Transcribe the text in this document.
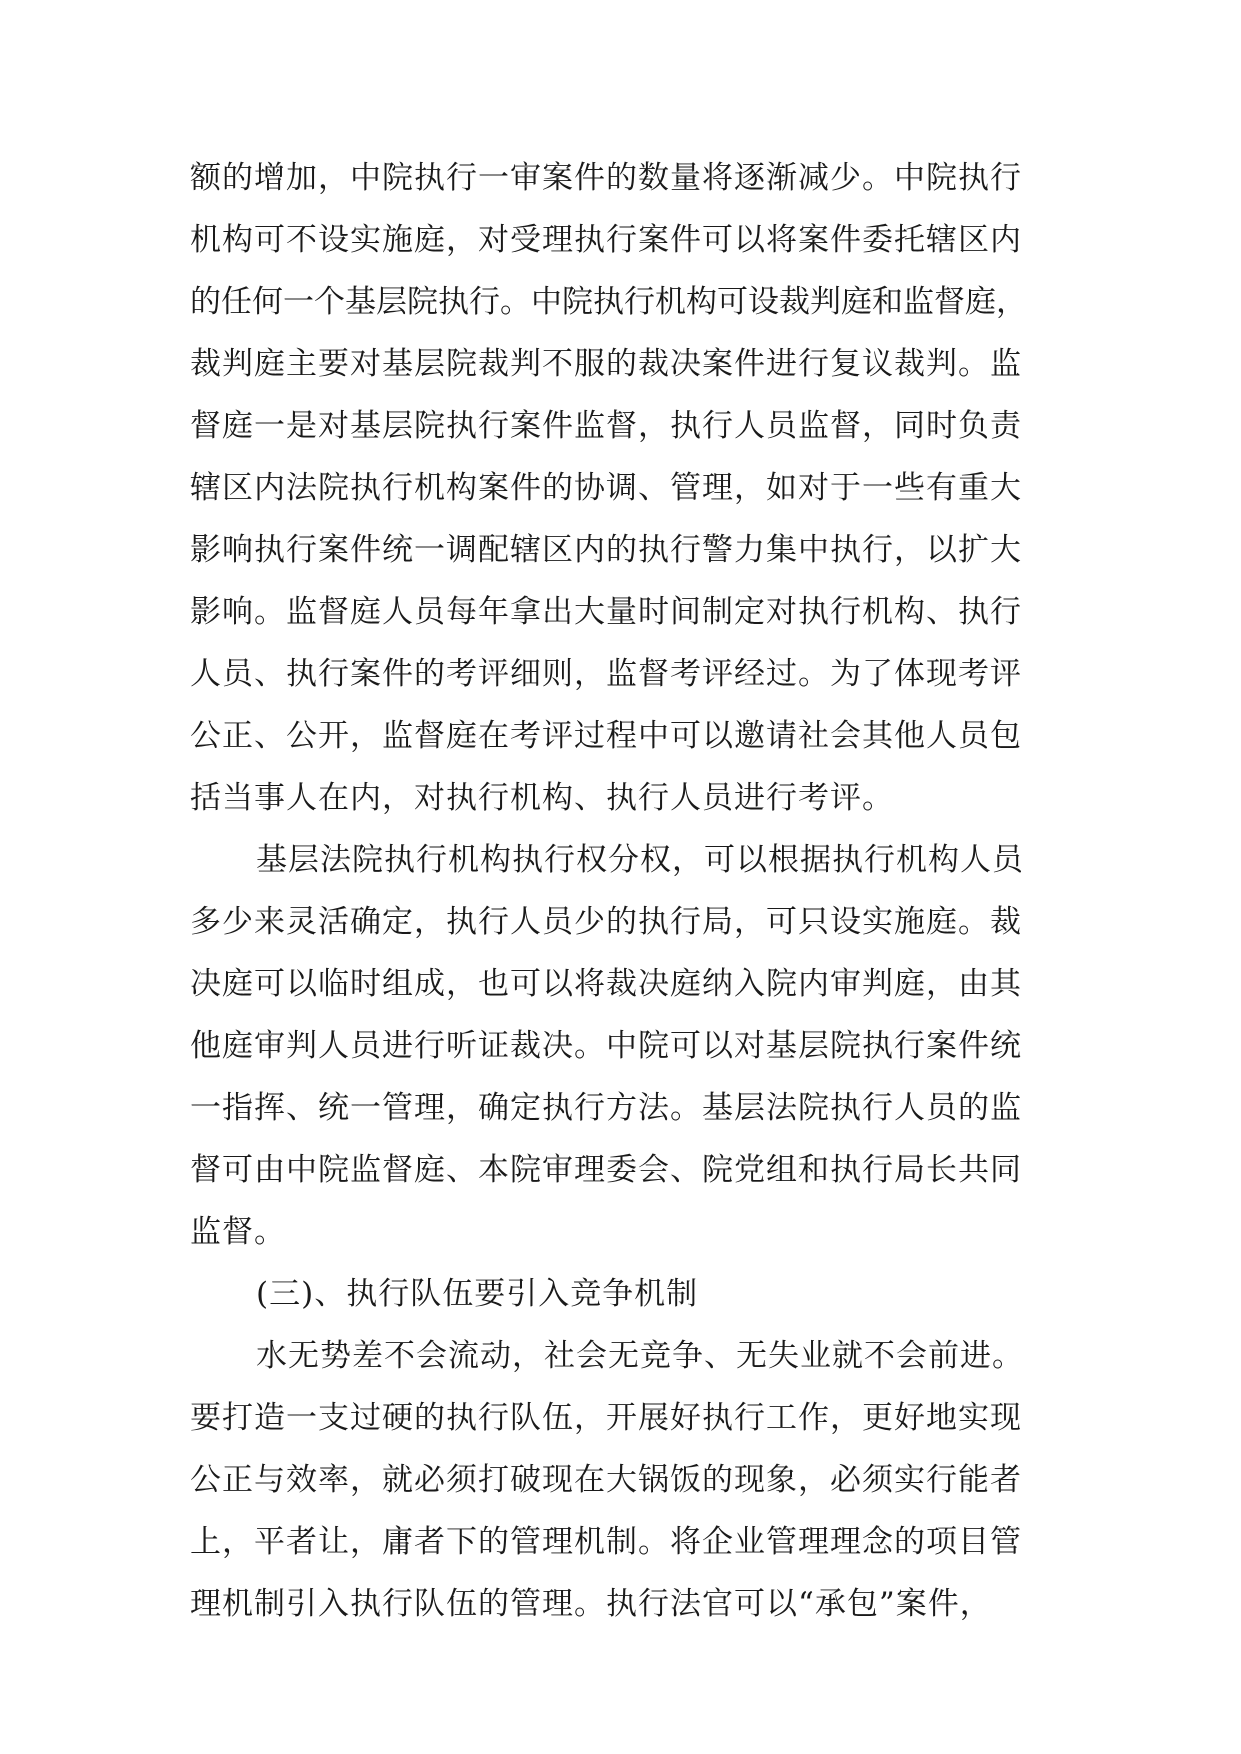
额的增加，中院执行一审案件的数量将逐渐减少。中院执行
机构可不设实施庭，对受理执行案件可以将案件委托辖区内
的任何一个基层院执行。中院执行机构可设裁判庭和监督庭，
裁判庭主要对基层院裁判不服的裁决案件进行复议裁判。监
督庭一是对基层院执行案件监督，执行人员监督，同时负责
辖区内法院执行机构案件的协调、管理，如对于一些有重大
影响执行案件统一调配辖区内的执行警力集中执行，以扩大
影响。监督庭人员每年拿出大量时间制定对执行机构、执行
人员、执行案件的考评细则，监督考评经过。为了体现考评
公正、公开，监督庭在考评过程中可以邀请社会其他人员包
括当事人在内，对执行机构、执行人员进行考评。
基层法院执行机构执行权分权，可以根据执行机构人员
多少来灵活确定，执行人员少的执行局，可只设实施庭。裁
决庭可以临时组成，也可以将裁决庭纳入院内审判庭，由其
他庭审判人员进行听证裁决。中院可以对基层院执行案件统
一指挥、统一管理，确定执行方法。基层法院执行人员的监
督可由中院监督庭、本院审理委会、院党组和执行局长共同
监督。
(三)、执行队伍要引入竞争机制
水无势差不会流动，社会无竞争、无失业就不会前进。
要打造一支过硬的执行队伍，开展好执行工作，更好地实现
公正与效率，就必须打破现在大锅饭的现象，必须实行能者
上，平者让，庸者下的管理机制。将企业管理理念的项目管
理机制引入执行队伍的管理。执行法官可以“承包”案件，
